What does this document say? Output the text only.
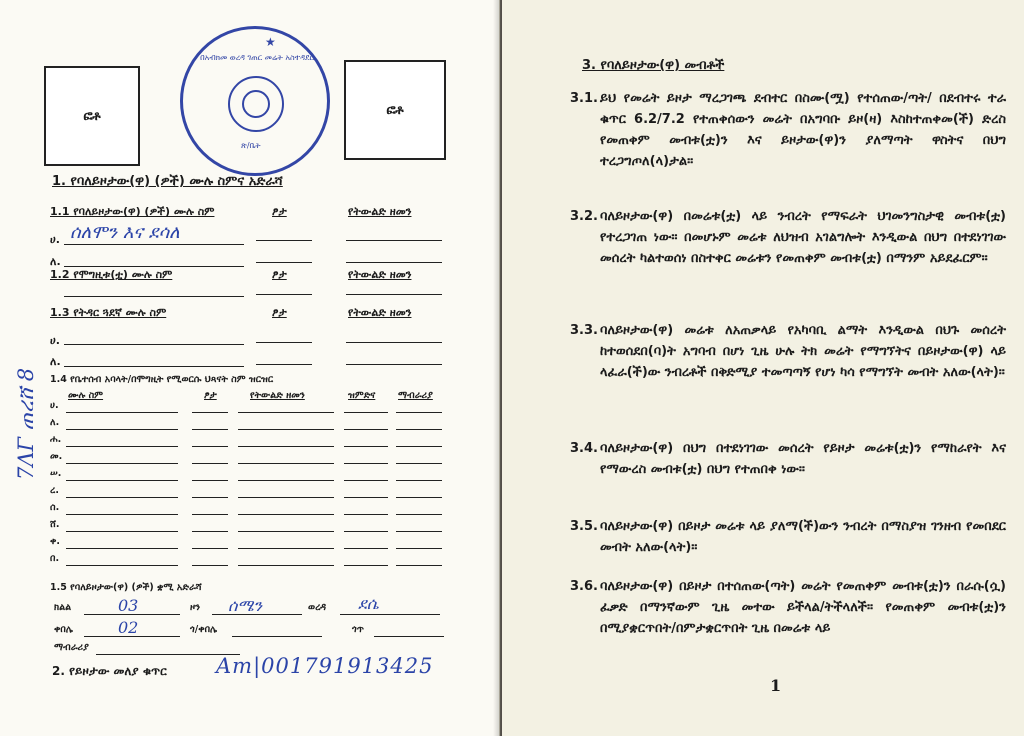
ፎቶ	ፎቶ
★
በአብክመ ወረዳ ገጠር መሬት አስተዳደር
ጽ/ቤት
1. የባለይዞታው(ዋ) (ዎች) ሙሉ ስምና አድራሻ
1.1 የባለይዞታው(ዋ) (ዎች) ሙሉ ስም	ፆታ	የትውልድ ዘመን
ሀ. ሰለሞን እና ደሳለ
ለ.
1.2 የሞግዚቱ(ቷ) ሙሉ ስም	ፆታ	የትውልድ ዘመን
1.3 የትዳር ጓደኛ ሙሉ ስም	ፆታ	የትውልድ ዘመን
ሀ.
ለ.
1.4 የቤተሰብ አባላት/በሞግዚት የሚወርሱ ህጻናት ስም ዝርዝር
ሙሉ ስም	ፆታ	የትውልድ ዘመን	ዝምድና ማብራሪያ
ሀ.
ለ.
ሐ.
መ.
ሠ.
ረ.
ሰ.
ሸ.
ቀ.
በ.
1.5 የባለይዞታው(ዋ) (ዎች) ቋሚ አድራሻ
ክልል	03	ዞን ሰሜን	ወረዳ ደሴ
ቀበሌ	02	ጎ/ቀበሌ	ጎጥ
ማብራሪያ
2. የይዞታው መለያ ቁጥር Am|001791913425
7ΛΓ ጠረሸ 8
3. የባለይዞታው(ዋ) መብቶች
3.1. ይህ የመሬት ይዞታ ማረጋገጫ ደብተር በስሙ(ሟ) የተሰጠው/ጣት/ በደብተሩ ተራ ቁጥር 6.2/7.2 የተጠቀሰውን መሬት በአግባቡ ይዞ(ዛ) እስከተጠቀመ(ች) ድረስ የመጠቀም መብቱ(ቷ)ን እና ይዞታው(ዋ)ን ያለማጣት ዋስትና በህግ ተረጋግጦለ(ላ)ታል።
3.2. ባለይዞታው(ዋ) በመሬቱ(ቷ) ላይ ንብረት የማፍራት ህገመንግስታዊ መብቱ(ቷ) የተረጋገጠ ነው። በመሆኑም መሬቱ ለህዝብ አገልግሎት እንዲውል በህግ በተደነገገው መሰረት ካልተወሰነ በስተቀር መሬቱን የመጠቀም መብቱ(ቷ) በማንም አይደፈርም።
3.3. ባለይዞታው(ዋ) መሬቱ ለአጠቃላይ የአካባቢ ልማት እንዲውል በህጉ መሰረት ከተወሰደበ(ባ)ት አግባብ በሆነ ጊዜ ሁሉ ትክ መሬት የማግኘትና በይዞታው(ዋ) ላይ ላፈራ(ች)ው ንብረቶች በቅድሚያ ተመጣጣኝ የሆነ ካሳ የማግኘት መብት አለው(ላት)።
3.4. ባለይዞታው(ዋ) በህግ በተደነገገው መሰረት የይዞታ መሬቱ(ቷ)ን የማከራየት እና የማውረስ መብቱ(ቷ) በህግ የተጠበቀ ነው።
3.5. ባለይዞታው(ዋ) በይዞታ መሬቱ ላይ ያለማ(ች)ውን ንብረት በማስያዝ ገንዘብ የመበደር መብት አለው(ላት)።
3.6. ባለይዞታው(ዋ) በይዞታ በተሰጠው(ጣት) መሬት የመጠቀም መብቱ(ቷ)ን በራሱ(ሷ) ፈቃድ በማንኛውም ጊዜ መተው ይችላል/ትችላለች። የመጠቀም መብቱ(ቷ)ን በሚያቋርጥበት/በምታቋርጥበት ጊዜ በመሬቱ ላይ
1
